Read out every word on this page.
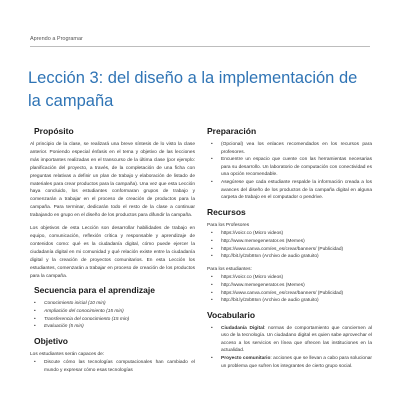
Aprendo a Programar
Lección 3: del diseño a la implementación de
la campaña
Propósito

Al principio de la clase, se realizará una breve síntesis de lo visto la clase anterior. Poniendo especial énfasis en el tema y objetivo de las lecciones más importantes realizadas en el transcurso de la última clase (por ejemplo: planificación del proyecto, a través, de la completación de una ficha con preguntas relativas a definir un plan de trabajo y elaboración de listado de materiales para crear productos para la campaña). Una vez que esta Lección haya concluido, los estudiantes conformaran grupos de trabajo y comenzarán a trabajar en el proceso de creación de productos para la campaña. Para terminar, dedicarán todo el resto de la clase a continuar trabajando en grupo en el diseño de los productos para difundir la campaña.

Los objetivos de esta Lección son desarrollar habilidades de trabajo en equipo, comunicación, reflexión crítica y responsable y aprendizaje de contenidos como: qué es la ciudadanía digital, cómo puede ejercer la ciudadanía digital en mi comunidad y qué relación existe entre la ciudadanía digital y la creación de proyectos comunitarios. En esta Lección los estudiantes, comenzarán a trabajar en proceso de creación de los productos para la campaña.

Secuencia para el aprendizaje
• Conocimiento inicial (10 min)
• Ampliación del conocimiento (15 min)
• Transferencia del conocimiento (15 min)
• Evaluación (5 min)
Objetivo
Los estudiantes serán capaces de:
• Discute cómo las tecnologías computacionales han cambiado el mundo y expresar cómo esas tecnologías
Preparación
• (Opcional) vea los enlaces recomendados en los recursos para profesores.
• Encuentre un espacio que cuente con las herramientas necesarias para su desarrollo. Un laboratorio de computación con conectividad es una opción recomendable.
• Asegúrese que cada estudiante respalde la información creada a los avances del diseño de los productos de la campaña digital en alguna carpeta de trabajo en el computador o pendrive.
Recursos
Para los Profesores
• https://voicr.co (Micro videos)
• http://www.memegenerator.es (Memes)
• https://www.canva.com/es_es/crear/banners/ (Publicidad)
• http://bit.ly/2xb8Ixn (Archivo de audio gratuito)
Para los estudiantes:
• https://voicr.co (Micro videos)
• http://www.memegenerator.es (Memes)
• https://www.canva.com/es_es/crear/banners/ (Publicidad)
• http://bit.ly/2xb8Ixn (Archivo de audio gratuito)
Vocabulario
• Ciudadanía Digital: normas de comportamiento que conciernen al uso de la tecnología. Un ciudadano digital es quien sabe aprovechar el acceso a los servicios en línea que ofrecen las instituciones en la actualidad.
• Proyecto comunitario: acciones que se llevan a cabo para solucionar un problema que sufren los integrantes de cierto grupo social.
